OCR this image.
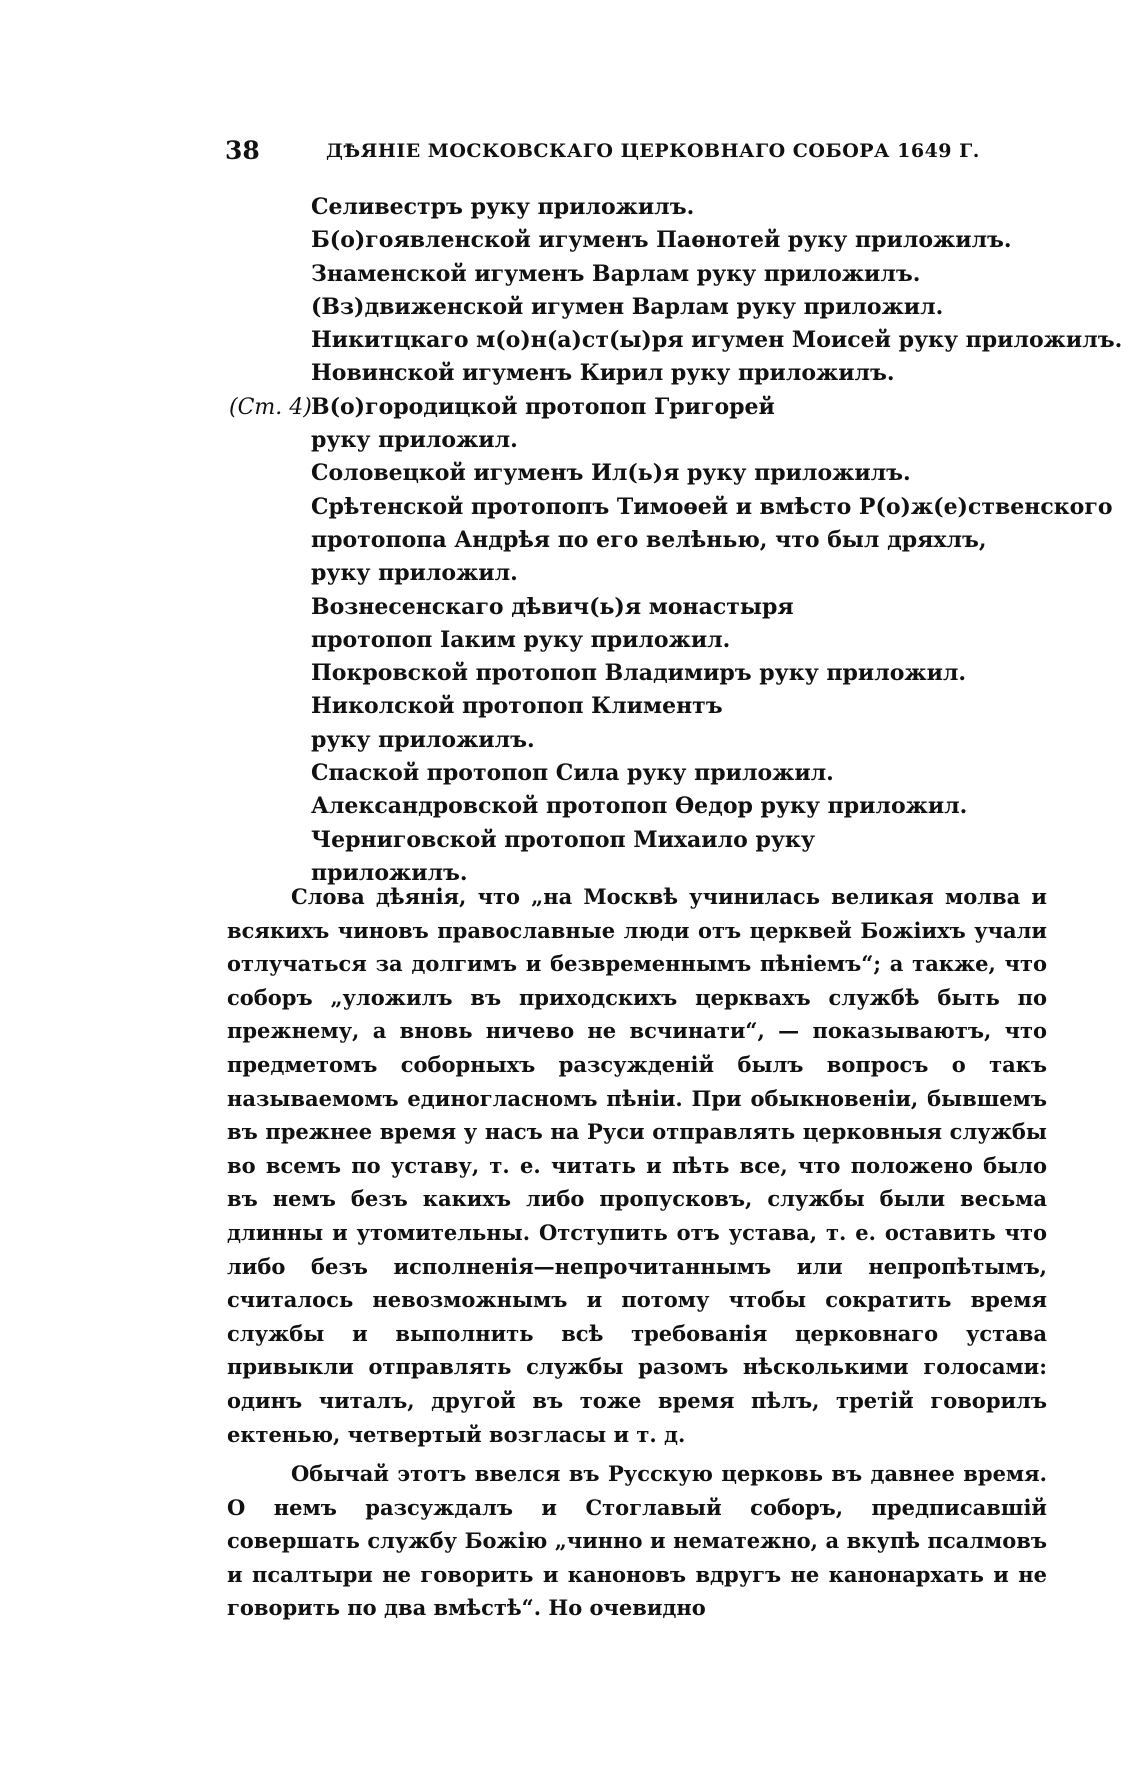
38	ДѢЯНІЕ МОСКОВСКАГО ЦЕРКОВНАГО СОБОРА 1649 Г.
Селивестръ руку приложилъ.
Б(о)гоявленской игуменъ Паѳнотей руку приложилъ.
Знаменской игуменъ Варлам руку приложилъ.
(Вз)движенской игумен Варлам руку приложил.
Никитцкаго м(о)н(а)ст(ы)ря игумен Моисей руку приложилъ.
Новинской игуменъ Кирил руку приложилъ.
(Ст. 4) В(о)городицкой протопоп Григорей
руку приложил.
Соловецкой игуменъ Ил(ь)я руку приложилъ.
Срѣтенской протопопъ Тимоѳей и вмѣсто Р(о)ж(е)ственского
протопопа Андрѣя по его велѣнью, что был дряхлъ,
руку приложил.
Вознесенскаго дѣвич(ь)я монастыря
протопоп Іаким руку приложил.
Покровской протопоп Владимиръ руку приложил.
Николской протопоп Климентъ
руку приложилъ.
Спаской протопоп Сила руку приложил.
Александровской протопоп Ѳедор руку приложил.
Черниговской протопоп Михаило руку
приложилъ.

Слова дѣянія, что „на Москвѣ учинилась великая молва и всякихъ чиновъ православные люди отъ церквей Божіихъ учали отлучаться за долгимъ и безвременнымъ пѣніемъ“; а также, что соборъ „уложилъ въ приходскихъ церквахъ службѣ быть по прежнему, а вновь ничево не всчинати“, — показываютъ, что предметомъ соборныхъ разсужденій былъ вопросъ о такъ называемомъ единогласномъ пѣніи. При обыкновеніи, бывшемъ въ прежнее время у насъ на Руси отправлять церковныя службы во всемъ по уставу, т. е. читать и пѣть все, что положено было въ немъ безъ какихъ либо пропусковъ, службы были весьма длинны и утомительны. Отступить отъ устава, т. е. оставить что либо безъ исполненія—непрочитаннымъ или непропѣтымъ, считалось невозможнымъ и потому чтобы сократить время службы и выполнить всѣ требованія церковнаго устава привыкли отправлять службы разомъ нѣсколькими голосами: одинъ читалъ, другой въ тоже время пѣлъ, третій говорилъ ектенью, четвертый возгласы и т. д.

Обычай этотъ ввелся въ Русскую церковь въ давнее время. О немъ разсуждалъ и Стоглавый соборъ, предписавшій совершать службу Божію „чинно и нематежно, а вкупѣ псалмовъ и псалтыри не говорить и каноновъ вдругъ не канонархать и не говорить по два вмѣстѣ“. Но очевидно
